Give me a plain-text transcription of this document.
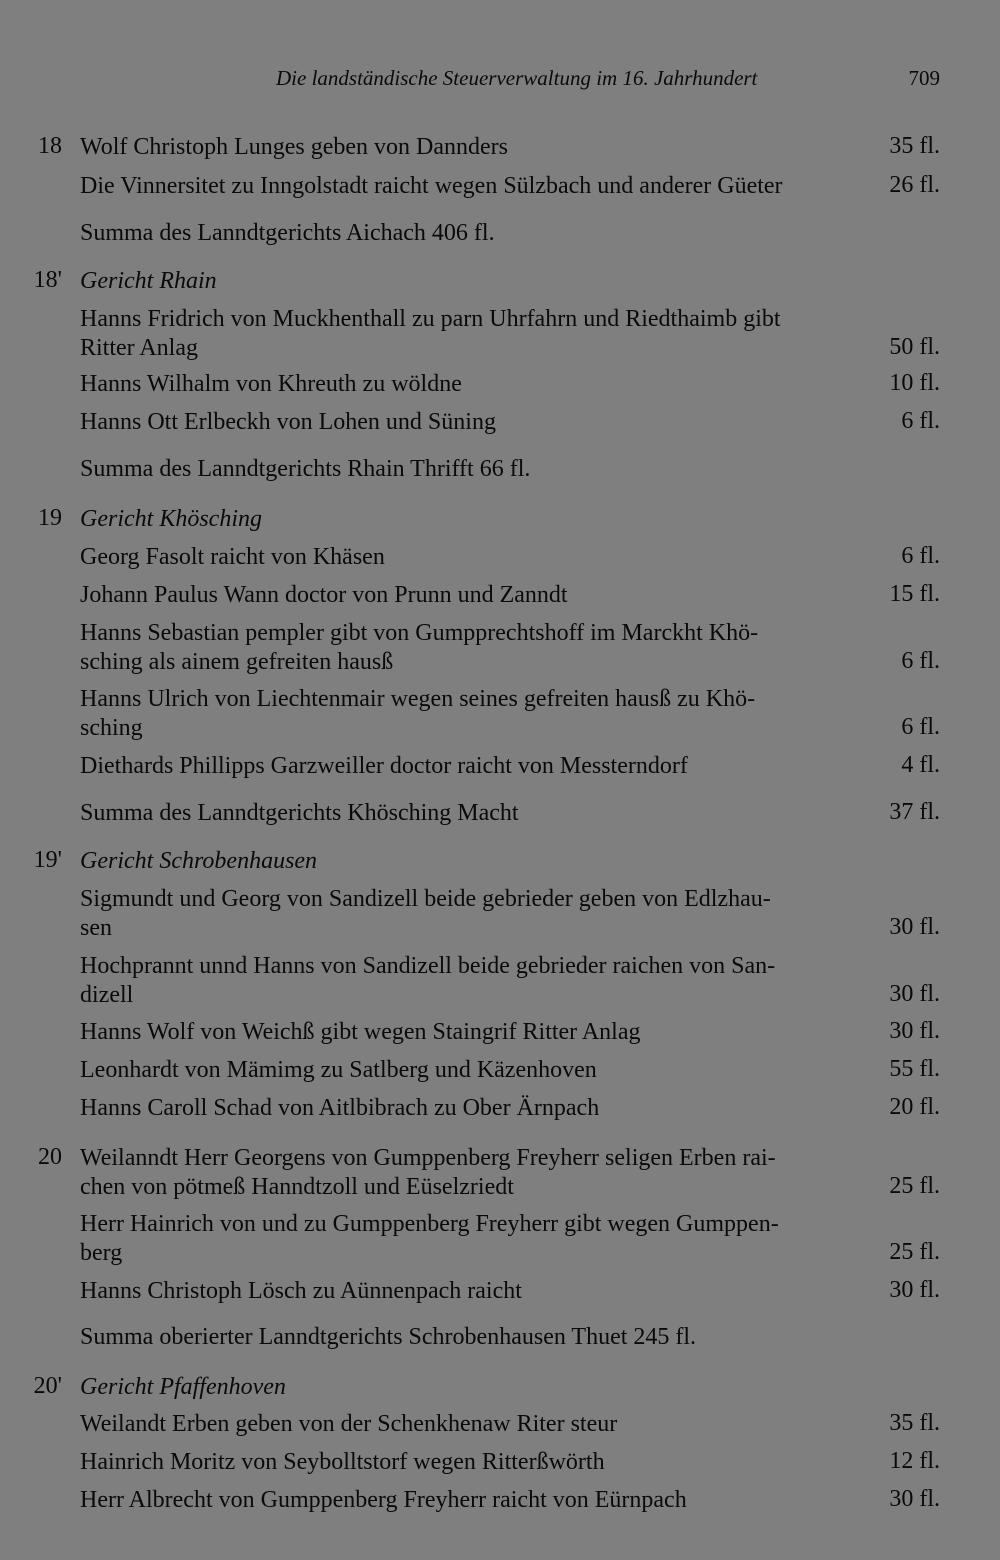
Die landständische Steuerverwaltung im 16. Jahrhundert	709
18 Wolf Christoph Lunges geben von Dannders	35 fl.
Die Vinnersitet zu Inngolstadt raicht wegen Sülzbach und anderer Güeter	26 fl.
Summa des Lanndtgerichts Aichach 406 fl.
18' Gericht Rhain
Hanns Fridrich von Muckhenthall zu parn Uhrfahrn und Riedthaimb gibt
Ritter Anlag	50 fl.
Hanns Wilhalm von Khreuth zu wöldne	10 fl.
Hanns Ott Erlbeckh von Lohen und Süning	6 fl.
Summa des Lanndtgerichts Rhain Thrifft 66 fl.
19 Gericht Khösching
Georg Fasolt raicht von Khäsen	6 fl.
Johann Paulus Wann doctor von Prunn und Zanndt	15 fl.
Hanns Sebastian pempler gibt von Gumpprechtshoff im Marckht Khö-
sching als ainem gefreiten hausß	6 fl.
Hanns Ulrich von Liechtenmair wegen seines gefreiten hausß zu Khö-
sching	6 fl.
Diethards Phillipps Garzweiller doctor raicht von Messterndorf	4 fl.
Summa des Lanndtgerichts Khösching Macht	37 fl.
19' Gericht Schrobenhausen
Sigmundt und Georg von Sandizell beide gebrieder geben von Edlzhau-
sen	30 fl.
Hochprannt unnd Hanns von Sandizell beide gebrieder raichen von San-
dizell	30 fl.
Hanns Wolf von Weichß gibt wegen Staingrif Ritter Anlag	30 fl.
Leonhardt von Mämimg zu Satlberg und Käzenhoven	55 fl.
Hanns Caroll Schad von Aitlbibrach zu Ober Ärnpach	20 fl.
20 Weilanndt Herr Georgens von Gumppenberg Freyherr seligen Erben rai-
chen von pötmeß Hanndtzoll und Eüselzriedt	25 fl.
Herr Hainrich von und zu Gumppenberg Freyherr gibt wegen Gumppen-
berg	25 fl.
Hanns Christoph Lösch zu Aünnenpach raicht	30 fl.
Summa oberierter Lanndtgerichts Schrobenhausen Thuet 245 fl.
20' Gericht Pfaffenhoven
Weilandt Erben geben von der Schenkhenaw Riter steur	35 fl.
Hainrich Moritz von Seybolltstorf wegen Ritterßwörth	12 fl.
Herr Albrecht von Gumppenberg Freyherr raicht von Eürnpach	30 fl.
